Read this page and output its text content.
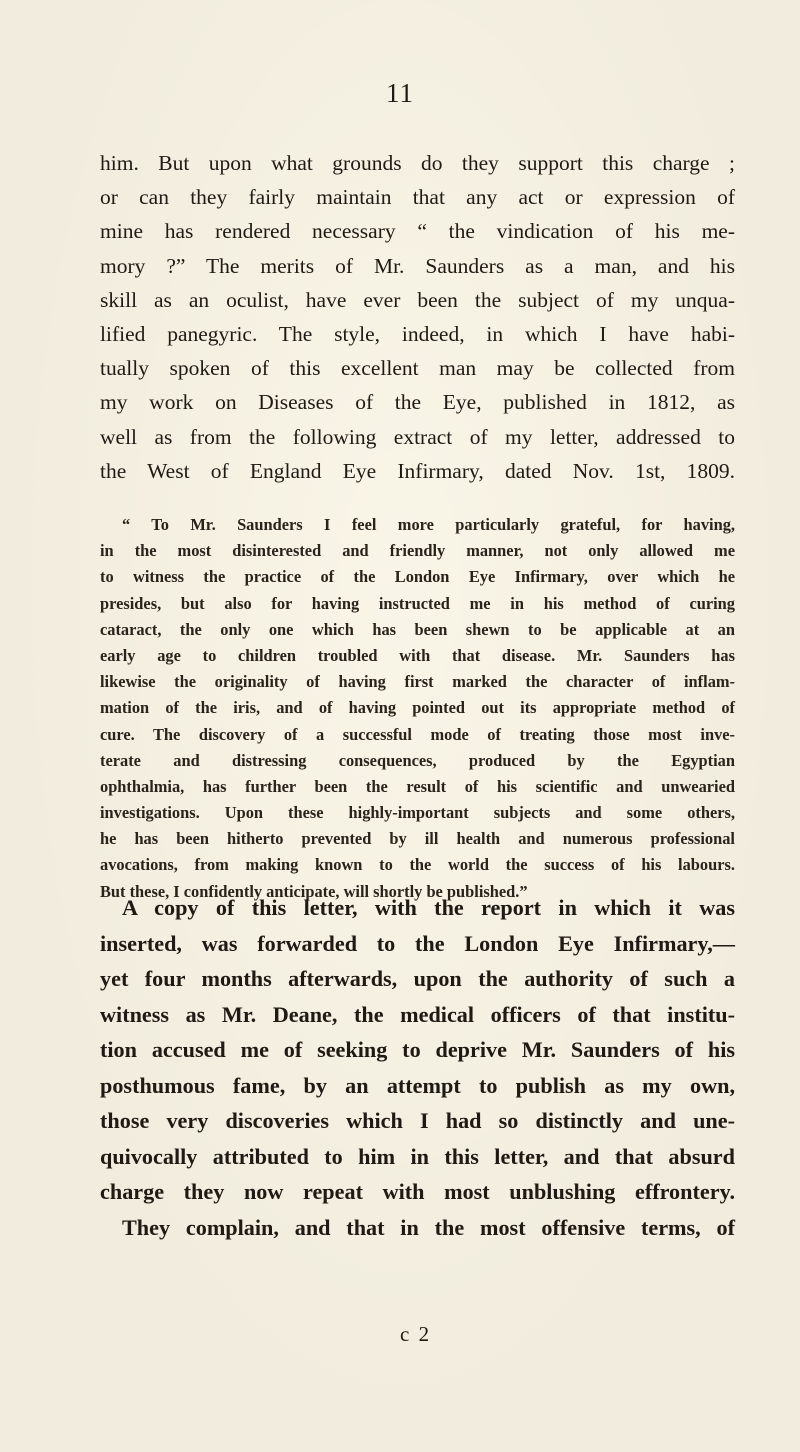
11
him. But upon what grounds do they support this charge ;
or can they fairly maintain that any act or expression of
mine has rendered necessary “ the vindication of his me-
mory ?” The merits of Mr. Saunders as a man, and his
skill as an oculist, have ever been the subject of my unqua-
lified panegyric. The style, indeed, in which I have habi-
tually spoken of this excellent man may be collected from
my work on Diseases of the Eye, published in 1812, as
well as from the following extract of my letter, addressed to
the West of England Eye Infirmary, dated Nov. 1st, 1809.
“ To Mr. Saunders I feel more particularly grateful, for having,
in the most disinterested and friendly manner, not only allowed me
to witness the practice of the London Eye Infirmary, over which he
presides, but also for having instructed me in his method of curing
cataract, the only one which has been shewn to be applicable at an
early age to children troubled with that disease. Mr. Saunders has
likewise the originality of having first marked the character of inflam-
mation of the iris, and of having pointed out its appropriate method of
cure. The discovery of a successful mode of treating those most inve-
terate and distressing consequences, produced by the Egyptian
ophthalmia, has further been the result of his scientific and unwearied
investigations. Upon these highly-important subjects and some others,
he has been hitherto prevented by ill health and numerous professional
avocations, from making known to the world the success of his labours.
But these, I confidently anticipate, will shortly be published.”
A copy of this letter, with the report in which it was
inserted, was forwarded to the London Eye Infirmary,—
yet four months afterwards, upon the authority of such a
witness as Mr. Deane, the medical officers of that institu-
tion accused me of seeking to deprive Mr. Saunders of his
posthumous fame, by an attempt to publish as my own,
those very discoveries which I had so distinctly and une-
quivocally attributed to him in this letter, and that absurd
charge they now repeat with most unblushing effrontery.
They complain, and that in the most offensive terms, of
c 2
